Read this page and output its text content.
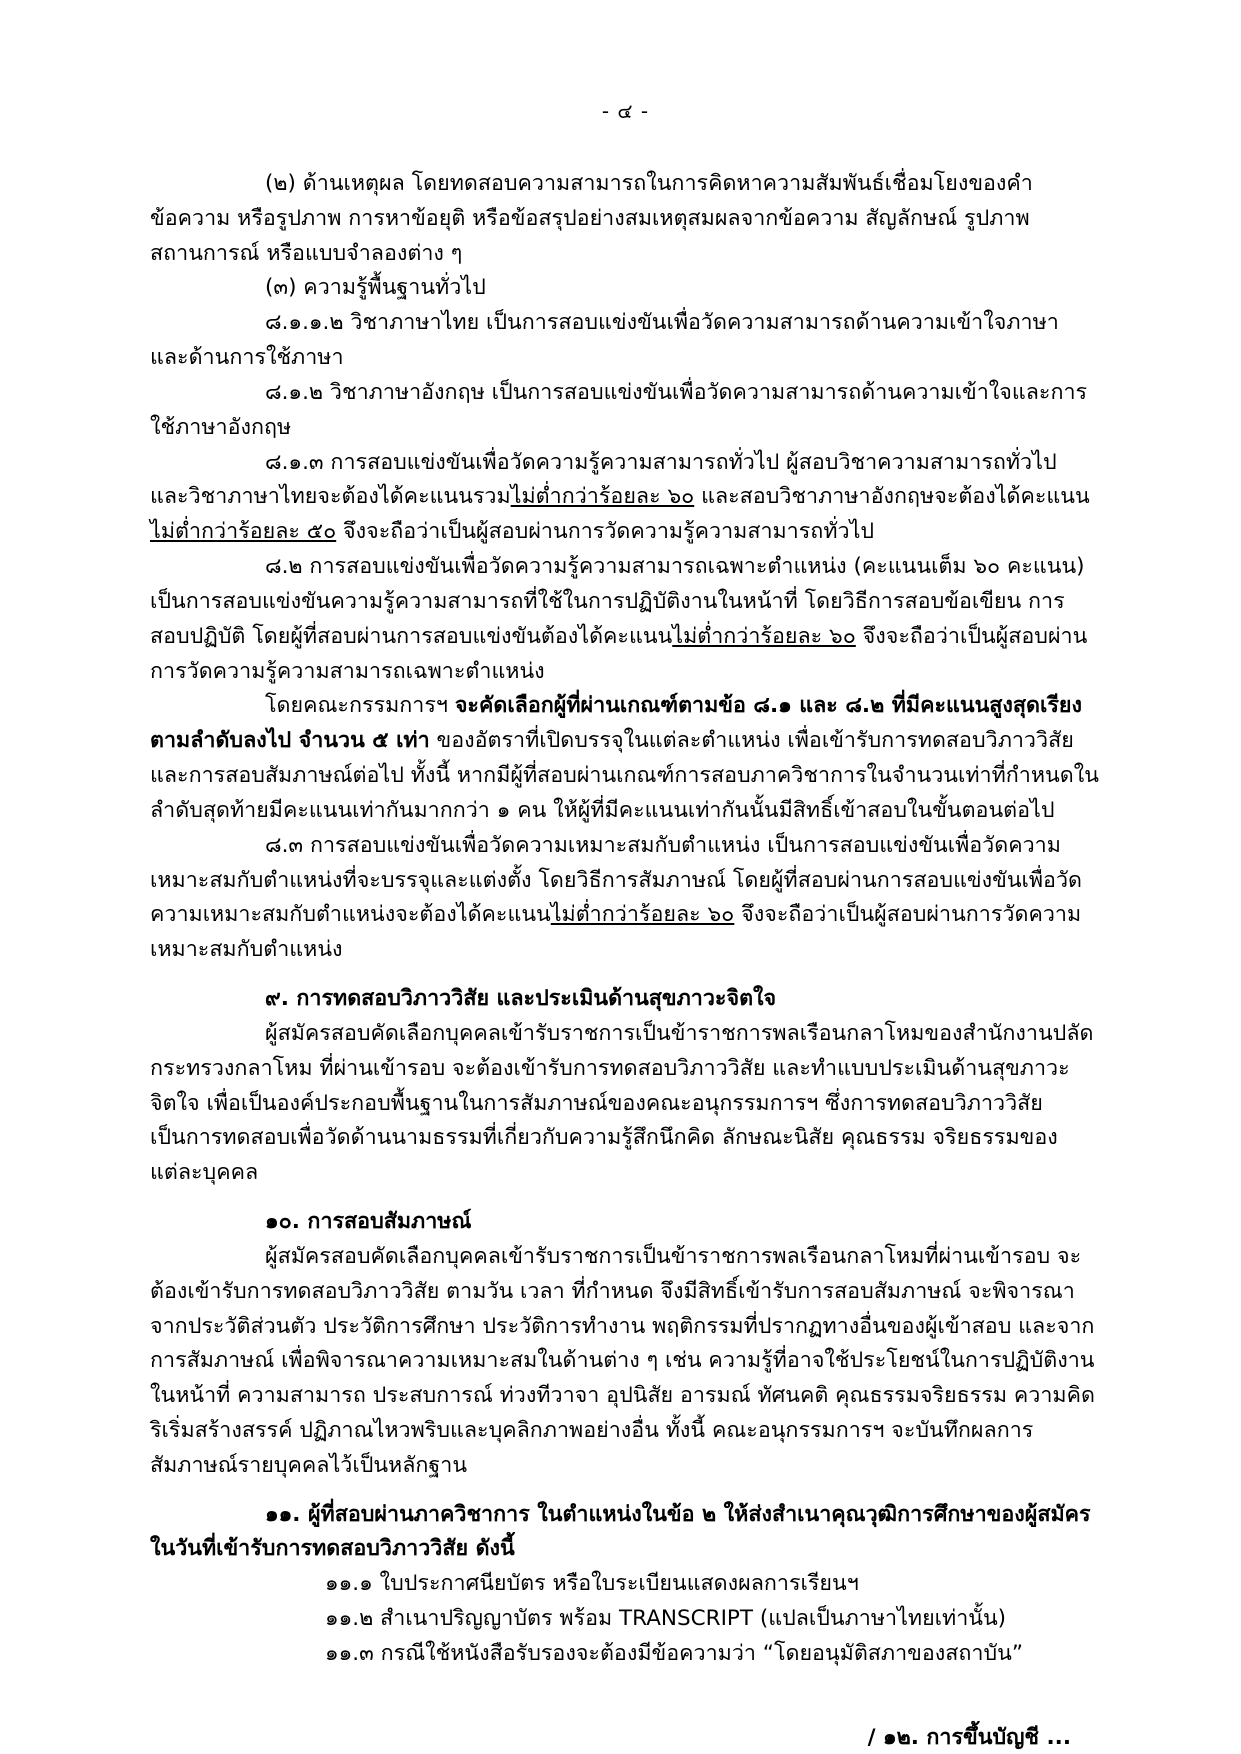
- ๔ -

(๒) ด้านเหตุผล โดยทดสอบความสามารถในการคิดหาความสัมพันธ์เชื่อมโยงของคำ ข้อความ หรือรูปภาพ การหาข้อยุติ หรือข้อสรุปอย่างสมเหตุสมผลจากข้อความ สัญลักษณ์ รูปภาพ สถานการณ์ หรือแบบจำลองต่าง ๆ

(๓) ความรู้พื้นฐานทั่วไป

๘.๑.๑.๒ วิชาภาษาไทย เป็นการสอบแข่งขันเพื่อวัดความสามารถด้านความเข้าใจภาษา และด้านการใช้ภาษา

๘.๑.๒ วิชาภาษาอังกฤษ เป็นการสอบแข่งขันเพื่อวัดความสามารถด้านความเข้าใจและการใช้ภาษาอังกฤษ

๘.๑.๓ การสอบแข่งขันเพื่อวัดความรู้ความสามารถทั่วไป ผู้สอบวิชาความสามารถทั่วไป และวิชาภาษาไทยจะต้องได้คะแนนรวมไม่ต่ำกว่าร้อยละ ๖๐ และสอบวิชาภาษาอังกฤษจะต้องได้คะแนนไม่ต่ำกว่าร้อยละ ๕๐ จึงจะถือว่าเป็นผู้สอบผ่านการวัดความรู้ความสามารถทั่วไป

๘.๒ การสอบแข่งขันเพื่อวัดความรู้ความสามารถเฉพาะตำแหน่ง (คะแนนเต็ม ๖๐ คะแนน) เป็นการสอบแข่งขันความรู้ความสามารถที่ใช้ในการปฏิบัติงานในหน้าที่ โดยวิธีการสอบข้อเขียน การสอบปฏิบัติ โดยผู้ที่สอบผ่านการสอบแข่งขันต้องได้คะแนนไม่ต่ำกว่าร้อยละ ๖๐ จึงจะถือว่าเป็นผู้สอบผ่านการวัดความรู้ความสามารถเฉพาะตำแหน่ง

โดยคณะกรรมการฯ จะคัดเลือกผู้ที่ผ่านเกณฑ์ตามข้อ ๘.๑ และ ๘.๒ ที่มีคะแนนสูงสุดเรียงตามลำดับลงไป จำนวน ๕ เท่า ของอัตราที่เปิดบรรจุในแต่ละตำแหน่ง เพื่อเข้ารับการทดสอบวิภาววิสัยและการสอบสัมภาษณ์ต่อไป ทั้งนี้ หากมีผู้ที่สอบผ่านเกณฑ์การสอบภาควิชาการในจำนวนเท่าที่กำหนดในลำดับสุดท้ายมีคะแนนเท่ากันมากกว่า ๑ คน ให้ผู้ที่มีคะแนนเท่ากันนั้นมีสิทธิ์เข้าสอบในขั้นตอนต่อไป

๘.๓ การสอบแข่งขันเพื่อวัดความเหมาะสมกับตำแหน่ง เป็นการสอบแข่งขันเพื่อวัดความเหมาะสมกับตำแหน่งที่จะบรรจุและแต่งตั้ง โดยวิธีการสัมภาษณ์ โดยผู้ที่สอบผ่านการสอบแข่งขันเพื่อวัดความเหมาะสมกับตำแหน่งจะต้องได้คะแนนไม่ต่ำกว่าร้อยละ ๖๐ จึงจะถือว่าเป็นผู้สอบผ่านการวัดความเหมาะสมกับตำแหน่ง

๙. การทดสอบวิภาววิสัย และประเมินด้านสุขภาวะจิตใจ

ผู้สมัครสอบคัดเลือกบุคคลเข้ารับราชการเป็นข้าราชการพลเรือนกลาโหมของสำนักงานปลัดกระทรวงกลาโหม ที่ผ่านเข้ารอบ จะต้องเข้ารับการทดสอบวิภาววิสัย และทำแบบประเมินด้านสุขภาวะจิตใจ เพื่อเป็นองค์ประกอบพื้นฐานในการสัมภาษณ์ของคณะอนุกรรมการฯ ซึ่งการทดสอบวิภาววิสัย เป็นการทดสอบเพื่อวัดด้านนามธรรมที่เกี่ยวกับความรู้สึกนึกคิด ลักษณะนิสัย คุณธรรม จริยธรรมของแต่ละบุคคล

๑๐. การสอบสัมภาษณ์

ผู้สมัครสอบคัดเลือกบุคคลเข้ารับราชการเป็นข้าราชการพลเรือนกลาโหมที่ผ่านเข้ารอบ จะต้องเข้ารับการทดสอบวิภาววิสัย ตามวัน เวลา ที่กำหนด จึงมีสิทธิ์เข้ารับการสอบสัมภาษณ์ จะพิจารณาจากประวัติส่วนตัว ประวัติการศึกษา ประวัติการทำงาน พฤติกรรมที่ปรากฏทางอื่นของผู้เข้าสอบ และจากการสัมภาษณ์ เพื่อพิจารณาความเหมาะสมในด้านต่าง ๆ เช่น ความรู้ที่อาจใช้ประโยชน์ในการปฏิบัติงานในหน้าที่ ความสามารถ ประสบการณ์ ท่วงทีวาจา อุปนิสัย อารมณ์ ทัศนคติ คุณธรรมจริยธรรม ความคิดริเริ่มสร้างสรรค์ ปฏิภาณไหวพริบและบุคลิกภาพอย่างอื่น ทั้งนี้ คณะอนุกรรมการฯ จะบันทึกผลการสัมภาษณ์รายบุคคลไว้เป็นหลักฐาน

๑๑. ผู้ที่สอบผ่านภาควิชาการ ในตำแหน่งในข้อ ๒ ให้ส่งสำเนาคุณวุฒิการศึกษาของผู้สมัครในวันที่เข้ารับการทดสอบวิภาววิสัย ดังนี้

๑๑.๑ ใบประกาศนียบัตร หรือใบระเบียนแสดงผลการเรียนฯ

๑๑.๒ สำเนาปริญญาบัตร พร้อม TRANSCRIPT (แปลเป็นภาษาไทยเท่านั้น)

๑๑.๓ กรณีใช้หนังสือรับรองจะต้องมีข้อความว่า “โดยอนุมัติสภาของสถาบัน”

/ ๑๒. การขึ้นบัญชี ...
